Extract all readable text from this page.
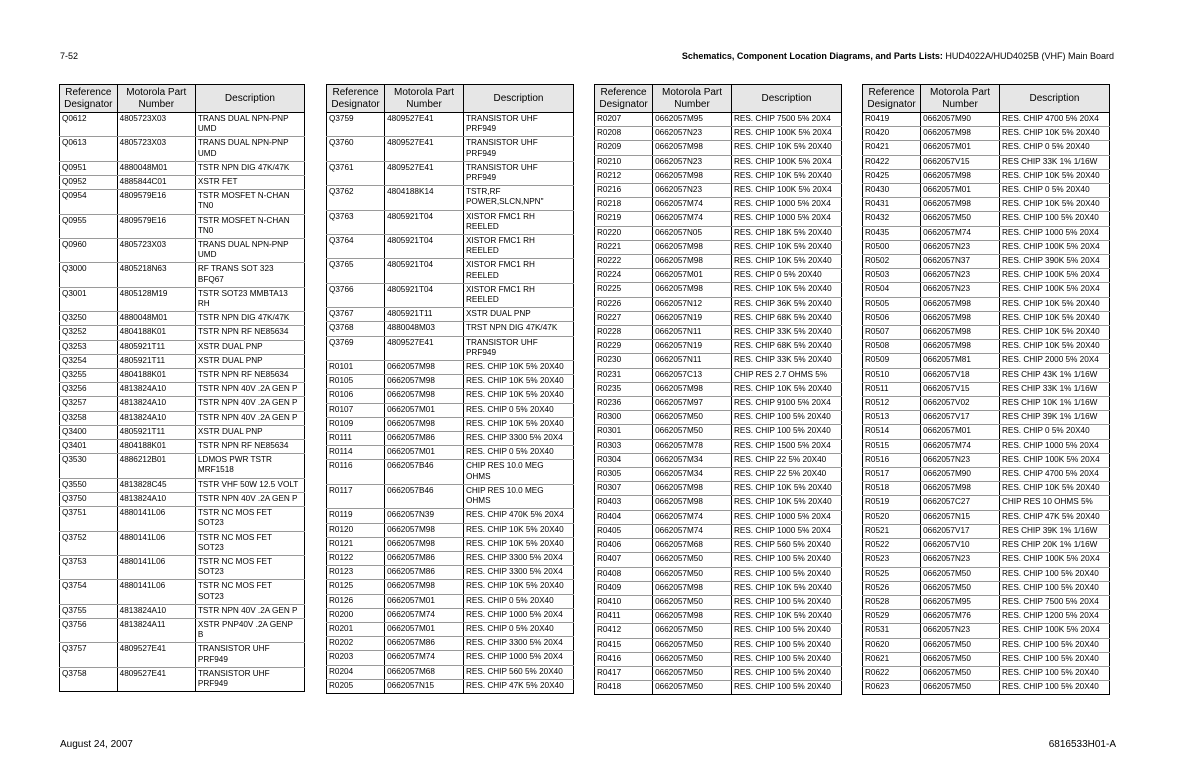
7-52	Schematics, Component Location Diagrams, and Parts Lists: HUD4022A/HUD4025B (VHF) Main Board
Reference Designator	Motorola Part Number	Description
Q0612	4805723X03	TRANS DUAL NPN-PNP
UMD
Q0613	4805723X03	TRANS DUAL NPN-PNP
UMD
Q0951	4880048M01	TSTR NPN DIG 47K/47K
Q0952	4885844C01	XSTR FET
Q0954	4809579E16	TSTR MOSFET N-CHAN
TN0
Q0955	4809579E16	TSTR MOSFET N-CHAN
TN0
Q0960	4805723X03	TRANS DUAL NPN-PNP
UMD
Q3000	4805218N63	RF TRANS SOT 323
BFQ67
Q3001	4805128M19	TSTR SOT23 MMBTA13
RH
Q3250	4880048M01	TSTR NPN DIG 47K/47K
Q3252	4804188K01	TSTR NPN RF NE85634
Q3253	4805921T11	XSTR DUAL PNP
Q3254	4805921T11	XSTR DUAL PNP
Q3255	4804188K01	TSTR NPN RF NE85634
Q3256	4813824A10	TSTR NPN 40V .2A GEN P
Q3257	4813824A10	TSTR NPN 40V .2A GEN P
Q3258	4813824A10	TSTR NPN 40V .2A GEN P
Q3400	4805921T11	XSTR DUAL PNP
Q3401	4804188K01	TSTR NPN RF NE85634
Q3530	4886212B01	LDMOS PWR TSTR
MRF1518
Q3550	4813828C45	TSTR VHF 50W 12.5 VOLT
Q3750	4813824A10	TSTR NPN 40V .2A GEN P
Q3751	4880141L06	TSTR NC MOS FET
SOT23
Q3752	4880141L06	TSTR NC MOS FET
SOT23
Q3753	4880141L06	TSTR NC MOS FET
SOT23
Q3754	4880141L06	TSTR NC MOS FET
SOT23
Q3755	4813824A10	TSTR NPN 40V .2A GEN P
Q3756	4813824A11	XSTR PNP40V .2A GENP
B
Q3757	4809527E41	TRANSISTOR UHF
PRF949
Q3758	4809527E41	TRANSISTOR UHF
PRF949
Reference Designator	Motorola Part Number	Description
Q3759	4809527E41	TRANSISTOR UHF
PRF949
Q3760	4809527E41	TRANSISTOR UHF
PRF949
Q3761	4809527E41	TRANSISTOR UHF
PRF949
Q3762	4804188K14	TSTR,RF
POWER,SLCN,NPN"
Q3763	4805921T04	XISTOR FMC1 RH
REELED
Q3764	4805921T04	XISTOR FMC1 RH
REELED
Q3765	4805921T04	XISTOR FMC1 RH
REELED
Q3766	4805921T04	XISTOR FMC1 RH
REELED
Q3767	4805921T11	XSTR DUAL PNP
Q3768	4880048M03	TRST NPN DIG 47K/47K
Q3769	4809527E41	TRANSISTOR UHF
PRF949
R0101	0662057M98	RES. CHIP 10K 5% 20X40
R0105	0662057M98	RES. CHIP 10K 5% 20X40
R0106	0662057M98	RES. CHIP 10K 5% 20X40
R0107	0662057M01	RES. CHIP 0 5% 20X40
R0109	0662057M98	RES. CHIP 10K 5% 20X40
R0111	0662057M86	RES. CHIP 3300 5% 20X4
R0114	0662057M01	RES. CHIP 0 5% 20X40
R0116	0662057B46	CHIP RES 10.0 MEG
OHMS
R0117	0662057B46	CHIP RES 10.0 MEG
OHMS
R0119	0662057N39	RES. CHIP 470K 5% 20X4
R0120	0662057M98	RES. CHIP 10K 5% 20X40
R0121	0662057M98	RES. CHIP 10K 5% 20X40
R0122	0662057M86	RES. CHIP 3300 5% 20X4
R0123	0662057M86	RES. CHIP 3300 5% 20X4
R0125	0662057M98	RES. CHIP 10K 5% 20X40
R0126	0662057M01	RES. CHIP 0 5% 20X40
R0200	0662057M74	RES. CHIP 1000 5% 20X4
R0201	0662057M01	RES. CHIP 0 5% 20X40
R0202	0662057M86	RES. CHIP 3300 5% 20X4
R0203	0662057M74	RES. CHIP 1000 5% 20X4
R0204	0662057M68	RES. CHIP 560 5% 20X40
R0205	0662057N15	RES. CHIP 47K 5% 20X40
Reference Designator	Motorola Part Number	Description
R0207	0662057M95	RES. CHIP 7500 5% 20X4
R0208	0662057N23	RES. CHIP 100K 5% 20X4
R0209	0662057M98	RES. CHIP 10K 5% 20X40
R0210	0662057N23	RES. CHIP 100K 5% 20X4
R0212	0662057M98	RES. CHIP 10K 5% 20X40
R0216	0662057N23	RES. CHIP 100K 5% 20X4
R0218	0662057M74	RES. CHIP 1000 5% 20X4
R0219	0662057M74	RES. CHIP 1000 5% 20X4
R0220	0662057N05	RES. CHIP 18K 5% 20X40
R0221	0662057M98	RES. CHIP 10K 5% 20X40
R0222	0662057M98	RES. CHIP 10K 5% 20X40
R0224	0662057M01	RES. CHIP 0 5% 20X40
R0225	0662057M98	RES. CHIP 10K 5% 20X40
R0226	0662057N12	RES. CHIP 36K 5% 20X40
R0227	0662057N19	RES. CHIP 68K 5% 20X40
R0228	0662057N11	RES. CHIP 33K 5% 20X40
R0229	0662057N19	RES. CHIP 68K 5% 20X40
R0230	0662057N11	RES. CHIP 33K 5% 20X40
R0231	0662057C13	CHIP RES 2.7 OHMS 5%
R0235	0662057M98	RES. CHIP 10K 5% 20X40
R0236	0662057M97	RES. CHIP 9100 5% 20X4
R0300	0662057M50	RES. CHIP 100 5% 20X40
R0301	0662057M50	RES. CHIP 100 5% 20X40
R0303	0662057M78	RES. CHIP 1500 5% 20X4
R0304	0662057M34	RES. CHIP 22 5% 20X40
R0305	0662057M34	RES. CHIP 22 5% 20X40
R0307	0662057M98	RES. CHIP 10K 5% 20X40
R0403	0662057M98	RES. CHIP 10K 5% 20X40
R0404	0662057M74	RES. CHIP 1000 5% 20X4
R0405	0662057M74	RES. CHIP 1000 5% 20X4
R0406	0662057M68	RES. CHIP 560 5% 20X40
R0407	0662057M50	RES. CHIP 100 5% 20X40
R0408	0662057M50	RES. CHIP 100 5% 20X40
R0409	0662057M98	RES. CHIP 10K 5% 20X40
R0410	0662057M50	RES. CHIP 100 5% 20X40
R0411	0662057M98	RES. CHIP 10K 5% 20X40
R0412	0662057M50	RES. CHIP 100 5% 20X40
R0415	0662057M50	RES. CHIP 100 5% 20X40
R0416	0662057M50	RES. CHIP 100 5% 20X40
R0417	0662057M50	RES. CHIP 100 5% 20X40
R0418	0662057M50	RES. CHIP 100 5% 20X40
Reference Designator	Motorola Part Number	Description
R0419	0662057M90	RES. CHIP 4700 5% 20X4
R0420	0662057M98	RES. CHIP 10K 5% 20X40
R0421	0662057M01	RES. CHIP 0 5% 20X40
R0422	0662057V15	RES CHIP 33K 1% 1/16W
R0425	0662057M98	RES. CHIP 10K 5% 20X40
R0430	0662057M01	RES. CHIP 0 5% 20X40
R0431	0662057M98	RES. CHIP 10K 5% 20X40
R0432	0662057M50	RES. CHIP 100 5% 20X40
R0435	0662057M74	RES. CHIP 1000 5% 20X4
R0500	0662057N23	RES. CHIP 100K 5% 20X4
R0502	0662057N37	RES. CHIP 390K 5% 20X4
R0503	0662057N23	RES. CHIP 100K 5% 20X4
R0504	0662057N23	RES. CHIP 100K 5% 20X4
R0505	0662057M98	RES. CHIP 10K 5% 20X40
R0506	0662057M98	RES. CHIP 10K 5% 20X40
R0507	0662057M98	RES. CHIP 10K 5% 20X40
R0508	0662057M98	RES. CHIP 10K 5% 20X40
R0509	0662057M81	RES. CHIP 2000 5% 20X4
R0510	0662057V18	RES CHIP 43K 1% 1/16W
R0511	0662057V15	RES CHIP 33K 1% 1/16W
R0512	0662057V02	RES CHIP 10K 1% 1/16W
R0513	0662057V17	RES CHIP 39K 1% 1/16W
R0514	0662057M01	RES. CHIP 0 5% 20X40
R0515	0662057M74	RES. CHIP 1000 5% 20X4
R0516	0662057N23	RES. CHIP 100K 5% 20X4
R0517	0662057M90	RES. CHIP 4700 5% 20X4
R0518	0662057M98	RES. CHIP 10K 5% 20X40
R0519	0662057C27	CHIP RES 10 OHMS 5%
R0520	0662057N15	RES. CHIP 47K 5% 20X40
R0521	0662057V17	RES CHIP 39K 1% 1/16W
R0522	0662057V10	RES CHIP 20K 1% 1/16W
R0523	0662057N23	RES. CHIP 100K 5% 20X4
R0525	0662057M50	RES. CHIP 100 5% 20X40
R0526	0662057M50	RES. CHIP 100 5% 20X40
R0528	0662057M95	RES. CHIP 7500 5% 20X4
R0529	0662057M76	RES. CHIP 1200 5% 20X4
R0531	0662057N23	RES. CHIP 100K 5% 20X4
R0620	0662057M50	RES. CHIP 100 5% 20X40
R0621	0662057M50	RES. CHIP 100 5% 20X40
R0622	0662057M50	RES. CHIP 100 5% 20X40
R0623	0662057M50	RES. CHIP 100 5% 20X40
August 24, 2007	6816533H01-A
